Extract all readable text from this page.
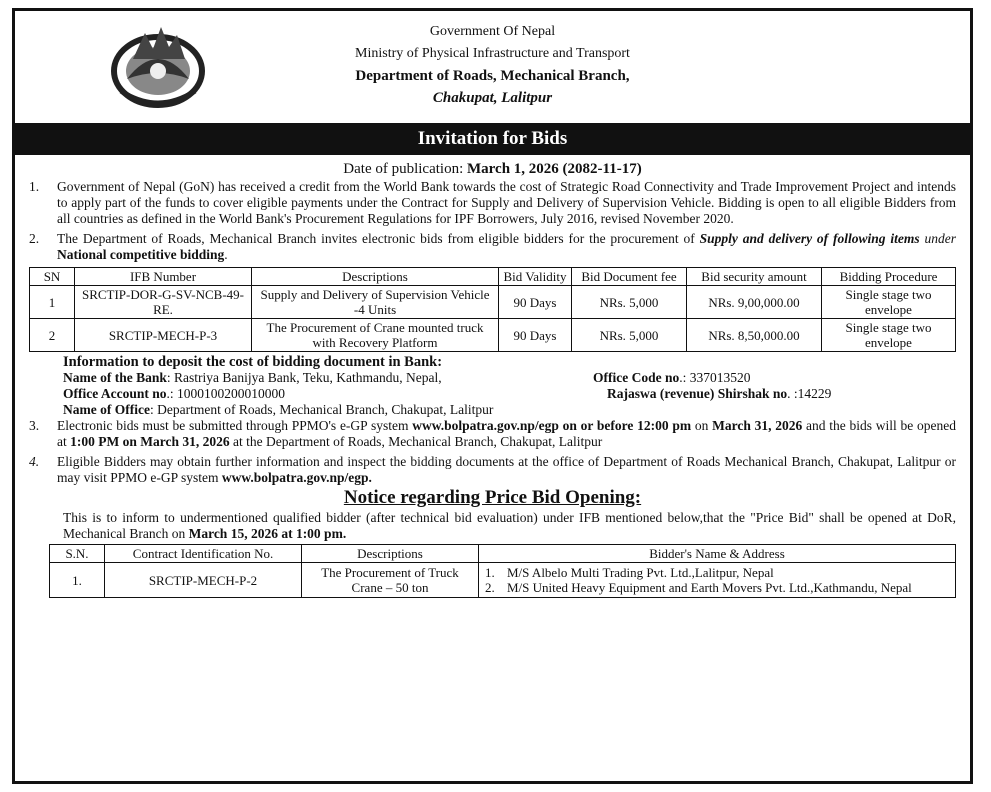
Government Of Nepal
Ministry of Physical Infrastructure and Transport
Department of Roads, Mechanical Branch,
Chakupat, Lalitpur
Invitation for Bids
Date of publication: March 1, 2026 (2082-11-17)
1.	Government of Nepal (GoN) has received a credit from the World Bank towards the cost of Strategic Road Connectivity and Trade Improvement Project and intends to apply part of the funds to cover eligible payments under the Contract for Supply and Delivery of Supervision Vehicle. Bidding is open to all eligible Bidders from all countries as defined in the World Bank's Procurement Regulations for IPF Borrowers, July 2016, revised November 2020.
2.	The Department of Roads, Mechanical Branch invites electronic bids from eligible bidders for the procurement of Supply and delivery of following items under National competitive bidding.
SN	IFB Number	Descriptions	Bid Validity	Bid Document fee	Bid security amount	Bidding Procedure
1	SRCTIP-DOR-G-SV-NCB-49-RE.	Supply and Delivery of Supervision Vehicle -4 Units	90 Days	NRs. 5,000	NRs. 9,00,000.00	Single stage two envelope
2	SRCTIP-MECH-P-3	The Procurement of Crane mounted truck with Recovery Platform	90 Days	NRs. 5,000	NRs. 8,50,000.00	Single stage two envelope
Information to deposit the cost of bidding document in Bank:
Name of the Bank: Rastriya Banijya Bank, Teku, Kathmandu, Nepal,	Office Code no.: 337013520
Office Account no.: 1000100200010000	Rajaswa (revenue) Shirshak no. :14229
Name of Office: Department of Roads, Mechanical Branch, Chakupat, Lalitpur
3.	Electronic bids must be submitted through PPMO's e-GP system www.bolpatra.gov.np/egp on or before 12:00 pm on March 31, 2026 and the bids will be opened at 1:00 PM on March 31, 2026 at the Department of Roads, Mechanical Branch, Chakupat, Lalitpur
4.	Eligible Bidders may obtain further information and inspect the bidding documents at the office of Department of Roads Mechanical Branch, Chakupat, Lalitpur or may visit PPMO e-GP system www.bolpatra.gov.np/egp.
Notice regarding Price Bid Opening:
This is to inform to undermentioned qualified bidder (after technical bid evaluation) under IFB mentioned below,that the "Price Bid" shall be opened at DoR, Mechanical Branch on March 15, 2026 at 1:00 pm.
S.N.	Contract Identification No.	Descriptions	Bidder's Name & Address
1.	SRCTIP-MECH-P-2	The Procurement of Truck Crane – 50 ton	1. M/S Albelo Multi Trading Pvt. Ltd.,Lalitpur, Nepal
2. M/S United Heavy Equipment and Earth Movers Pvt. Ltd.,Kathmandu, Nepal
